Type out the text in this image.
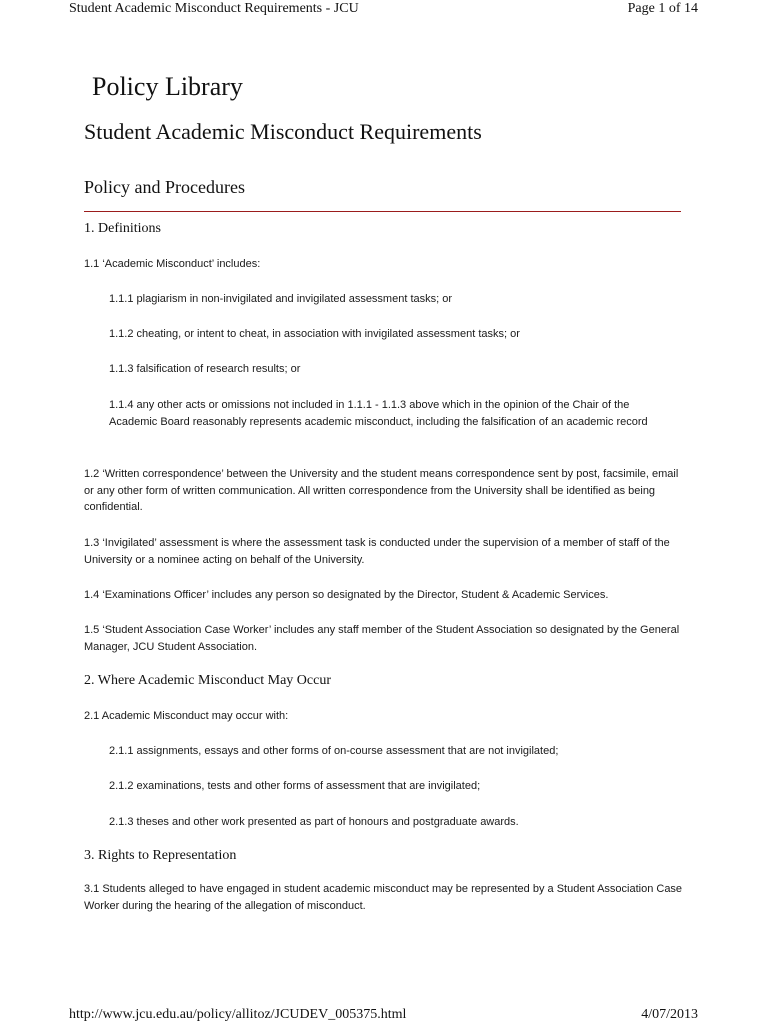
Student Academic Misconduct Requirements - JCU	Page 1 of 14
Policy Library
Student Academic Misconduct Requirements
Policy and Procedures
1. Definitions
1.1 ‘Academic Misconduct’ includes:
1.1.1 plagiarism in non-invigilated and invigilated assessment tasks; or
1.1.2 cheating, or intent to cheat, in association with invigilated assessment tasks; or
1.1.3 falsification of research results; or
1.1.4 any other acts or omissions not included in 1.1.1 - 1.1.3 above which in the opinion of the Chair of the Academic Board reasonably represents academic misconduct, including the falsification of an academic record
1.2 ‘Written correspondence’ between the University and the student means correspondence sent by post, facsimile, email or any other form of written communication. All written correspondence from the University shall be identified as being confidential.
1.3 ‘Invigilated’ assessment is where the assessment task is conducted under the supervision of a member of staff of the University or a nominee acting on behalf of the University.
1.4 ‘Examinations Officer’ includes any person so designated by the Director, Student & Academic Services.
1.5 ‘Student Association Case Worker’ includes any staff member of the Student Association so designated by the General Manager, JCU Student Association.
2. Where Academic Misconduct May Occur
2.1 Academic Misconduct may occur with:
2.1.1 assignments, essays and other forms of on-course assessment that are not invigilated;
2.1.2 examinations, tests and other forms of assessment that are invigilated;
2.1.3 theses and other work presented as part of honours and postgraduate awards.
3. Rights to Representation
3.1 Students alleged to have engaged in student academic misconduct may be represented by a Student Association Case Worker during the hearing of the allegation of misconduct.
http://www.jcu.edu.au/policy/allitoz/JCUDEV_005375.html	4/07/2013
